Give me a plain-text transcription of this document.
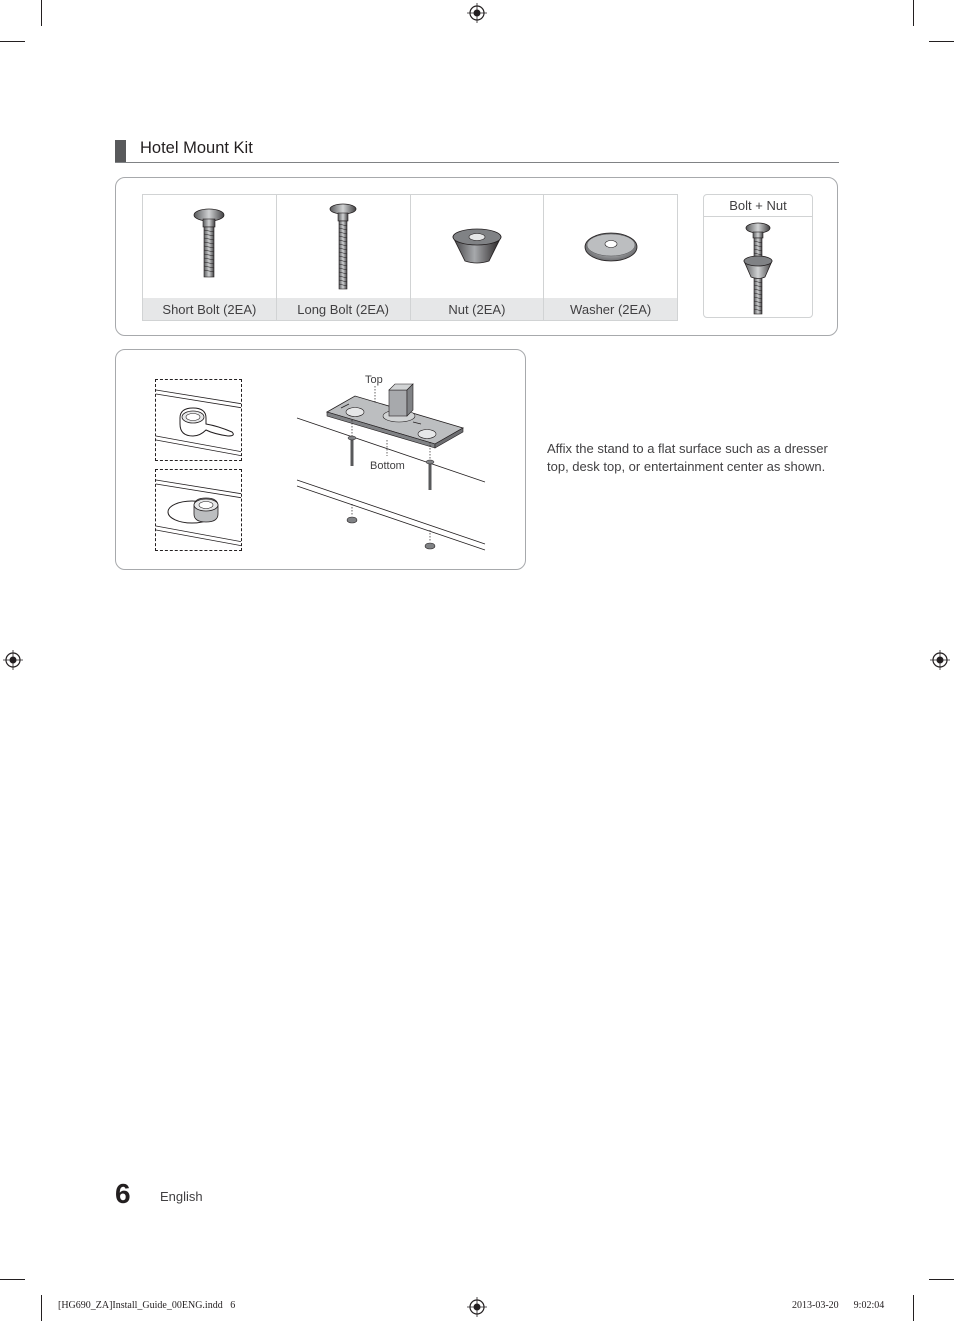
Hotel Mount Kit
Short Bolt (2EA)	Long Bolt (2EA)	Nut (2EA)	Washer (2EA)
Bolt + Nut
Top
Bottom
Affix the stand to a flat surface such as a dresser top, desk top, or entertainment center as shown.
6 English
[HG690_ZA]Install_Guide_00ENG.indd   6	2013-03-20      9:02:04
